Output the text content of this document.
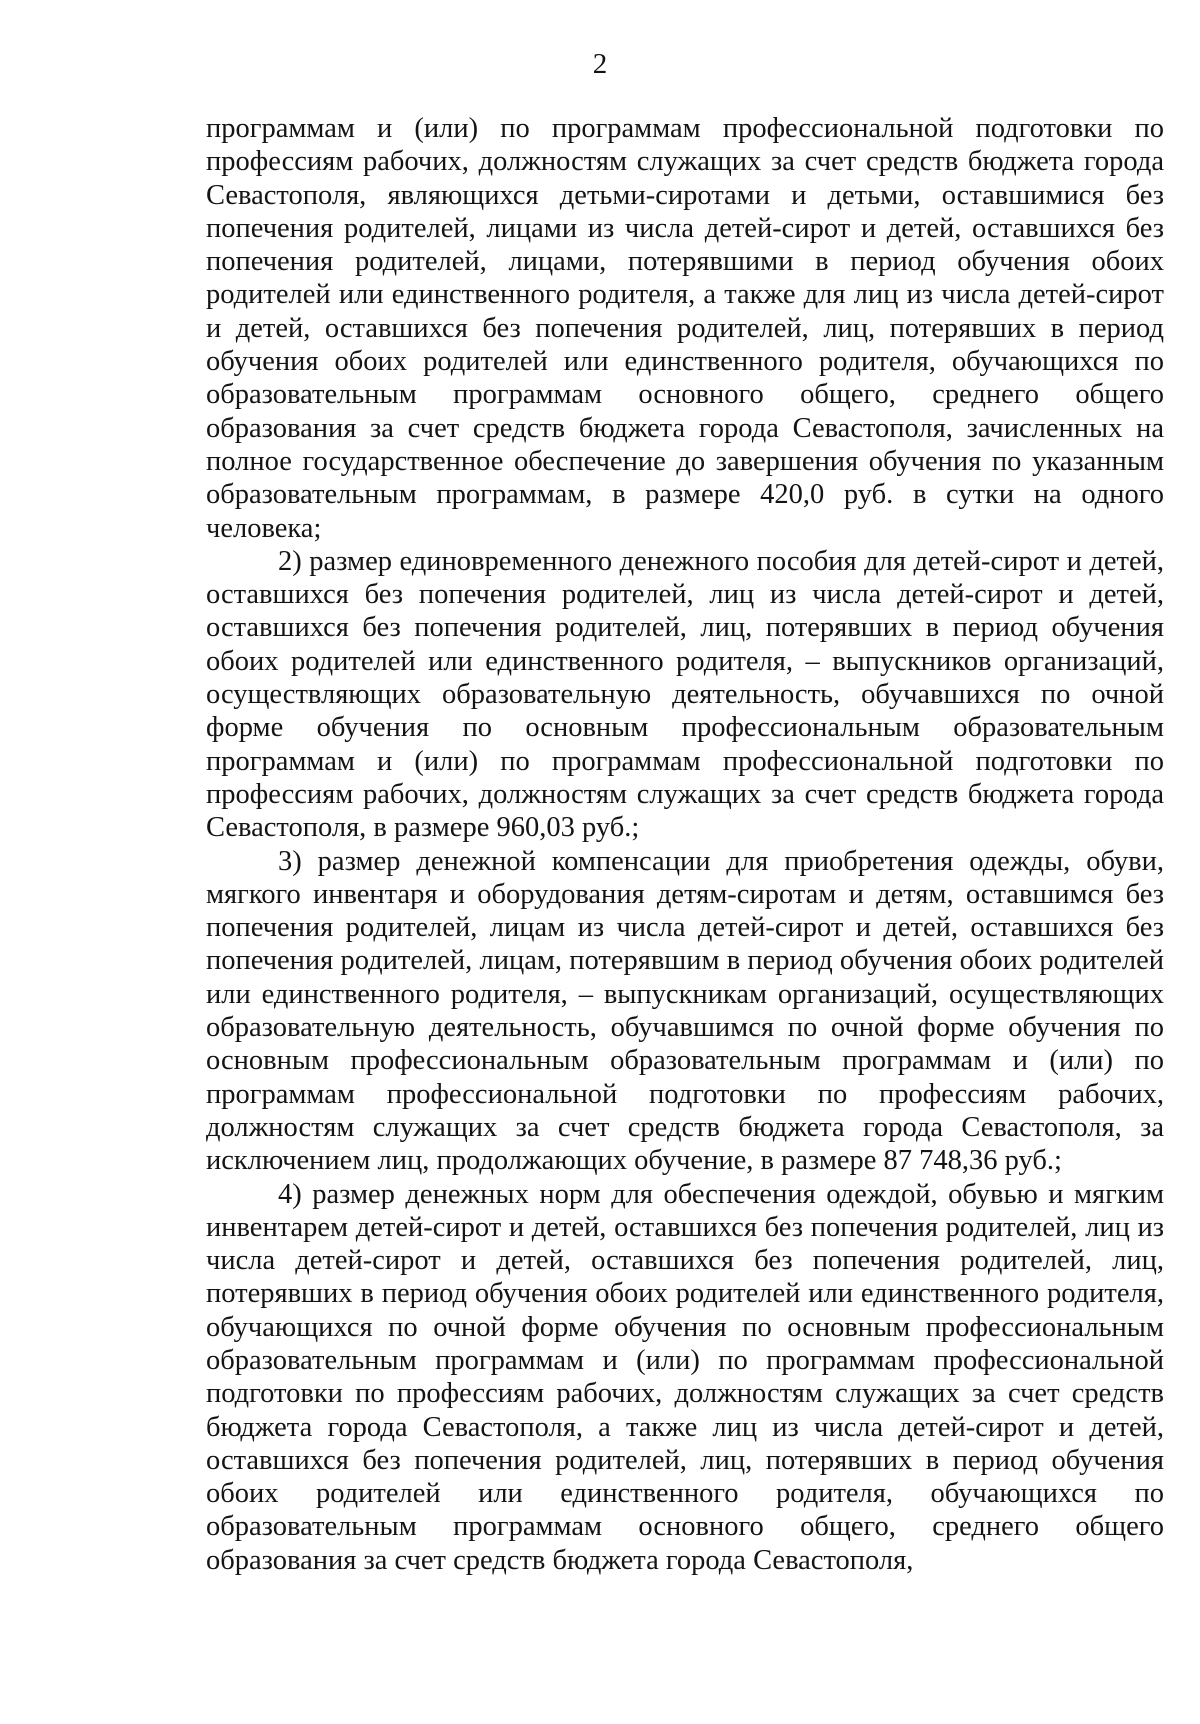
2

программам и (или) по программам профессиональной подготовки по профессиям рабочих, должностям служащих за счет средств бюджета города Севастополя, являющихся детьми-сиротами и детьми, оставшимися без попечения родителей, лицами из числа детей-сирот и детей, оставшихся без попечения родителей, лицами, потерявшими в период обучения обоих родителей или единственного родителя, а также для лиц из числа детей-сирот и детей, оставшихся без попечения родителей, лиц, потерявших в период обучения обоих родителей или единственного родителя, обучающихся по образовательным программам основного общего, среднего общего образования за счет средств бюджета города Севастополя, зачисленных на полное государственное обеспечение до завершения обучения по указанным образовательным программам, в размере 420,0 руб. в сутки на одного человека;

2) размер единовременного денежного пособия для детей-сирот и детей, оставшихся без попечения родителей, лиц из числа детей-сирот и детей, оставшихся без попечения родителей, лиц, потерявших в период обучения обоих родителей или единственного родителя, – выпускников организаций, осуществляющих образовательную деятельность, обучавшихся по очной форме обучения по основным профессиональным образовательным программам и (или) по программам профессиональной подготовки по профессиям рабочих, должностям служащих за счет средств бюджета города Севастополя, в размере 960,03 руб.;

3) размер денежной компенсации для приобретения одежды, обуви, мягкого инвентаря и оборудования детям-сиротам и детям, оставшимся без попечения родителей, лицам из числа детей-сирот и детей, оставшихся без попечения родителей, лицам, потерявшим в период обучения обоих родителей или единственного родителя, – выпускникам организаций, осуществляющих образовательную деятельность, обучавшимся по очной форме обучения по основным профессиональным образовательным программам и (или) по программам профессиональной подготовки по профессиям рабочих, должностям служащих за счет средств бюджета города Севастополя, за исключением лиц, продолжающих обучение, в размере 87 748,36 руб.;

4) размер денежных норм для обеспечения одеждой, обувью и мягким инвентарем детей-сирот и детей, оставшихся без попечения родителей, лиц из числа детей-сирот и детей, оставшихся без попечения родителей, лиц, потерявших в период обучения обоих родителей или единственного родителя, обучающихся по очной форме обучения по основным профессиональным образовательным программам и (или) по программам профессиональной подготовки по профессиям рабочих, должностям служащих за счет средств бюджета города Севастополя, а также лиц из числа детей-сирот и детей, оставшихся без попечения родителей, лиц, потерявших в период обучения обоих родителей или единственного родителя, обучающихся по образовательным программам основного общего, среднего общего образования за счет средств бюджета города Севастополя,
